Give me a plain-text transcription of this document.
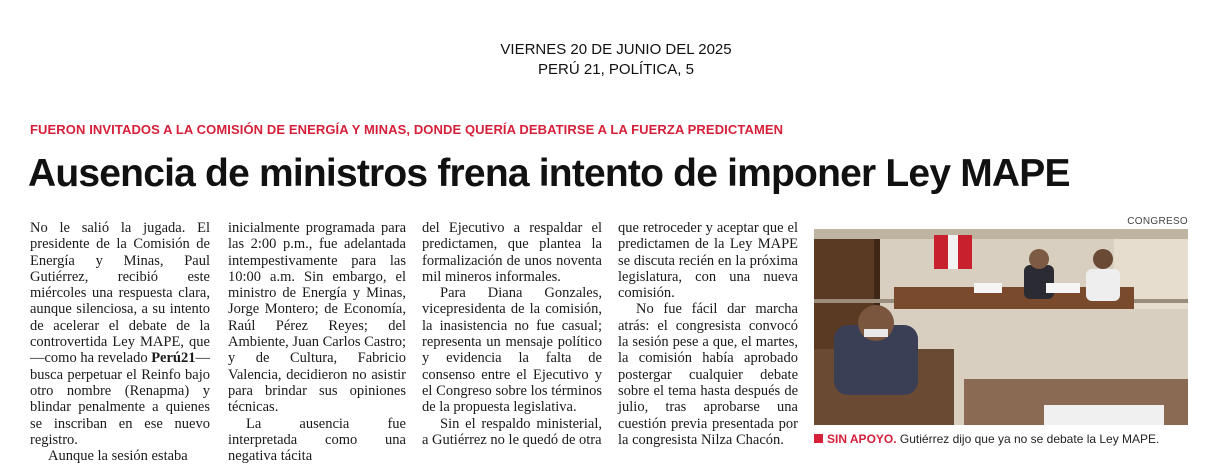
VIERNES 20 DE JUNIO DEL 2025
PERÚ 21, POLÍTICA, 5
FUERON INVITADOS A LA COMISIÓN DE ENERGÍA Y MINAS, DONDE QUERÍA DEBATIRSE A LA FUERZA PREDICTAMEN
Ausencia de ministros frena intento de imponer Ley MAPE

No le salió la jugada. El presidente de la Comisión de Energía y Minas, Paul Gutiérrez, recibió este miércoles una respuesta clara, aunque silenciosa, a su intento de acelerar el debate de la controvertida Ley MAPE, que —como ha revelado Perú21— busca perpetuar el Reinfo bajo otro nombre (Renapma) y blindar penalmente a quienes se inscriban en ese nuevo registro.

Aunque la sesión estaba

inicialmente programada para las 2:00 p.m., fue adelantada intempestivamente para las 10:00 a.m. Sin embargo, el ministro de Energía y Minas, Jorge Montero; de Economía, Raúl Pérez Reyes; del Ambiente, Juan Carlos Castro; y de Cultura, Fabricio Valencia, decidieron no asistir para brindar sus opiniones técnicas.

La ausencia fue interpretada como una negativa tácita

del Ejecutivo a respaldar el predictamen, que plantea la formalización de unos noventa mil mineros informales.

Para Diana Gonzales, vicepresidenta de la comisión, la inasistencia no fue casual; representa un mensaje político y evidencia la falta de consenso entre el Ejecutivo y el Congreso sobre los términos de la propuesta legislativa.

Sin el respaldo ministerial, a Gutiérrez no le quedó de otra

que retroceder y aceptar que el predictamen de la Ley MAPE se discuta recién en la próxima legislatura, con una nueva comisión.

No fue fácil dar marcha atrás: el congresista convocó la sesión pese a que, el martes, la comisión había aprobado postergar cualquier debate sobre el tema hasta después de julio, tras aprobarse una cuestión previa presentada por la congresista Nilza Chacón.

CONGRESO
SIN APOYO. Gutiérrez dijo que ya no se debate la Ley MAPE.
